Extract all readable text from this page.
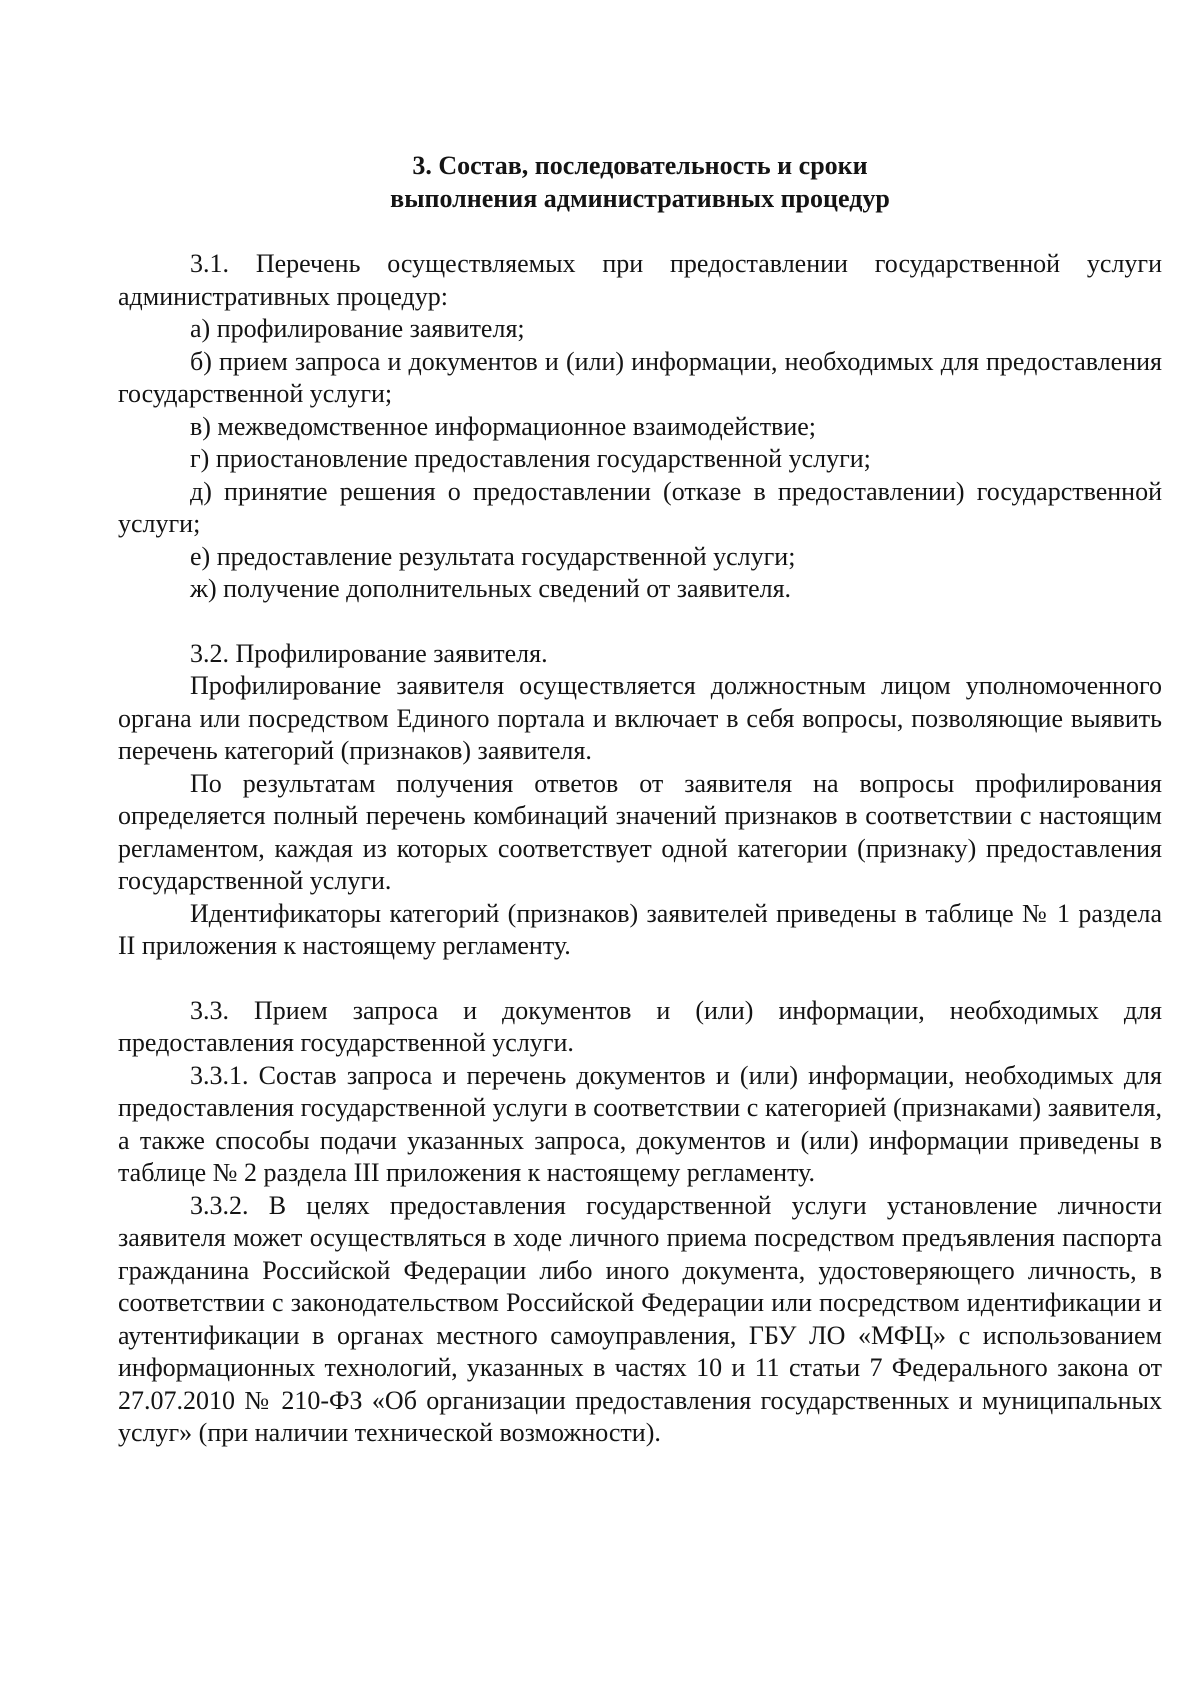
3. Состав, последовательность и сроки
выполнения административных процедур

3.1. Перечень осуществляемых при предоставлении государственной услуги административных процедур:

а) профилирование заявителя;

б) прием запроса и документов и (или) информации, необходимых для предоставления государственной услуги;

в) межведомственное информационное взаимодействие;

г) приостановление предоставления государственной услуги;

д) принятие решения о предоставлении (отказе в предоставлении) государственной услуги;

е) предоставление результата государственной услуги;

ж) получение дополнительных сведений от заявителя.

3.2. Профилирование заявителя.

Профилирование заявителя осуществляется должностным лицом уполномоченного органа или посредством Единого портала и включает в себя вопросы, позволяющие выявить перечень категорий (признаков) заявителя.

По результатам получения ответов от заявителя на вопросы профилирования определяется полный перечень комбинаций значений признаков в соответствии с настоящим регламентом, каждая из которых соответствует одной категории (признаку) предоставления государственной услуги.

Идентификаторы категорий (признаков) заявителей приведены в таблице № 1 раздела II приложения к настоящему регламенту.

3.3. Прием запроса и документов и (или) информации, необходимых для предоставления государственной услуги.

3.3.1. Состав запроса и перечень документов и (или) информации, необходимых для предоставления государственной услуги в соответствии с категорией (признаками) заявителя, а также способы подачи указанных запроса, документов и (или) информации приведены в таблице № 2 раздела III приложения к настоящему регламенту.

3.3.2. В целях предоставления государственной услуги установление личности заявителя может осуществляться в ходе личного приема посредством предъявления паспорта гражданина Российской Федерации либо иного документа, удостоверяющего личность, в соответствии с законодательством Российской Федерации или посредством идентификации и аутентификации в органах местного самоуправления, ГБУ ЛО «МФЦ» с использованием информационных технологий, указанных в частях 10 и 11 статьи 7 Федерального закона от 27.07.2010 № 210-ФЗ «Об организации предоставления государственных и муниципальных услуг» (при наличии технической возможности).
